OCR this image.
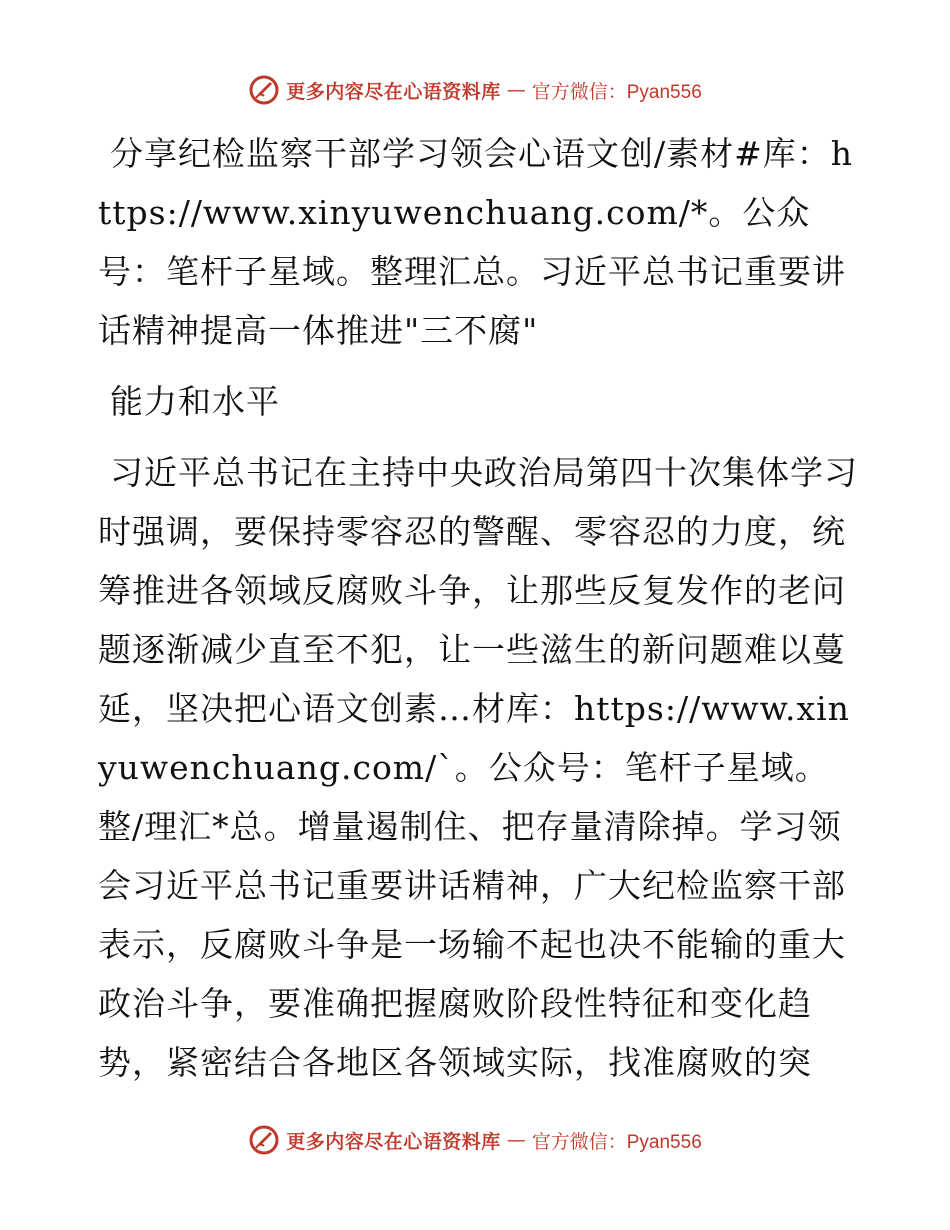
更多内容尽在心语资料库 — 官方微信：Pyan556

分享纪检监察干部学习领会心语文创/素材#库：https://www.xinyuwenchuang.com/*。公众号：笔杆子星域。整理汇总。习近平总书记重要讲话精神提高一体推进"三不腐"

能力和水平

习近平总书记在主持中央政治局第四十次集体学习时强调，要保持零容忍的警醒、零容忍的力度，统筹推进各领域反腐败斗争，让那些反复发作的老问题逐渐减少直至不犯，让一些滋生的新问题难以蔓延，坚决把心语文创素…材库：https://www.xinyuwenchuang.com/`。公众号：笔杆子星域。整/理汇*总。增量遏制住、把存量清除掉。学习领会习近平总书记重要讲话精神，广大纪检监察干部表示，反腐败斗争是一场输不起也决不能输的重大政治斗争，要准确把握腐败阶段性特征和变化趋势，紧密结合各地区各领域实际，找准腐败的突

更多内容尽在心语资料库 — 官方微信：Pyan556
